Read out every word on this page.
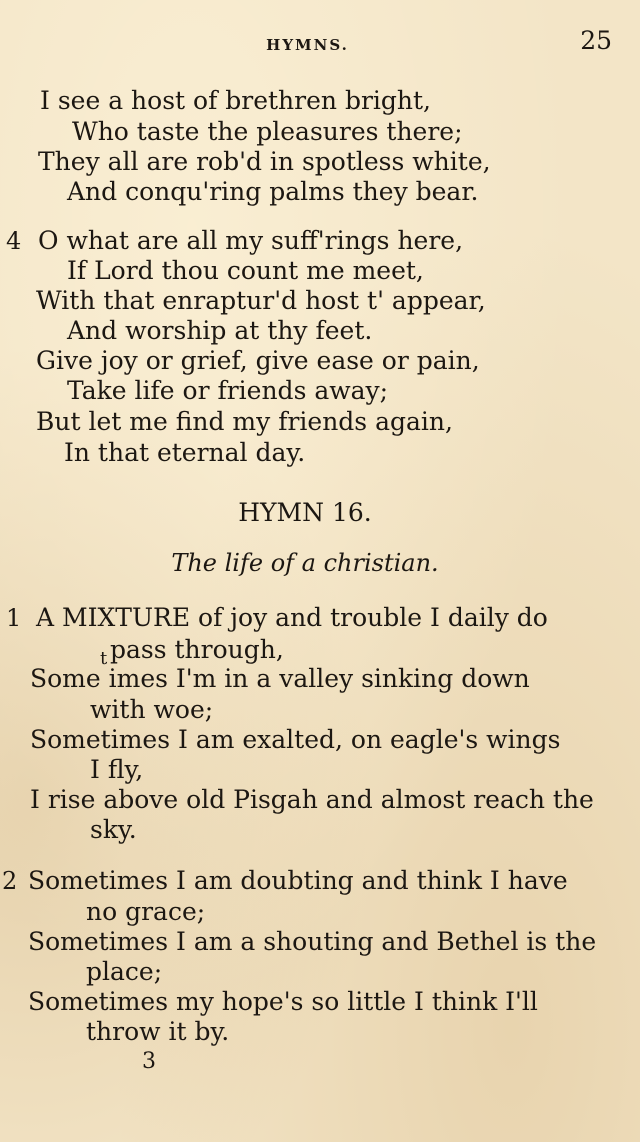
HYMNS.	25
I see a host of brethren bright,
Who taste the pleasures there;
They all are rob'd in spotless white,
And conqu'ring palms they bear.
4 O what are all my suff'rings here,
If Lord thou count me meet,
With that enraptur'd host t' appear,
And worship at thy feet.
Give joy or grief, give ease or pain,
Take life or friends away;
But let me find my friends again,
In that eternal day.
HYMN 16.
The life of a christian.
1 A MIXTURE of joy and trouble I daily do
t pass through,
Some imes I'm in a valley sinking down
with woe;
Sometimes I am exalted, on eagle's wings
I fly,
I rise above old Pisgah and almost reach the
sky.
2 Sometimes I am doubting and think I have
no grace;
Sometimes I am a shouting and Bethel is the
place;
Sometimes my hope's so little I think I'll
throw it by.
3
